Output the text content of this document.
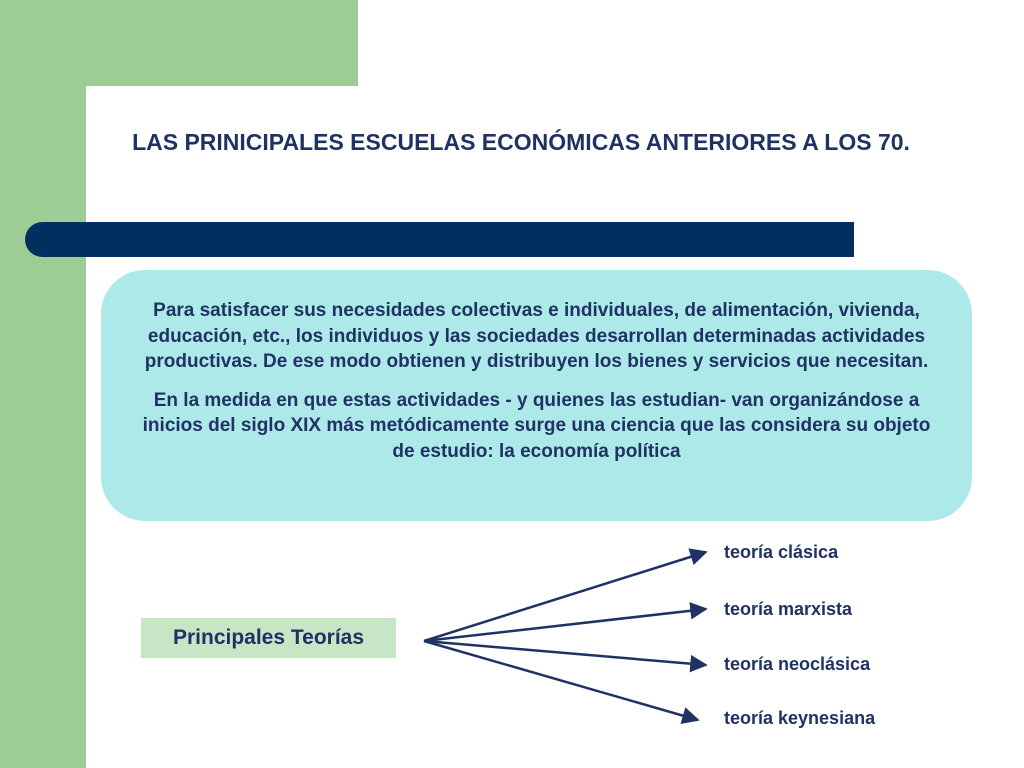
LAS PRINICIPALES ESCUELAS ECONÓMICAS ANTERIORES A LOS 70.

Para satisfacer sus necesidades colectivas e individuales, de alimentación, vivienda, educación, etc., los individuos y las sociedades desarrollan determinadas actividades productivas. De ese modo obtienen y distribuyen los bienes y servicios que necesitan.

En la medida en que estas actividades - y quienes las estudian- van organizándose a inicios del siglo XIX más metódicamente surge una ciencia que las considera su objeto de estudio: la economía política

Principales Teorías
teoría clásica
teoría marxista
teoría neoclásica
teoría keynesiana
